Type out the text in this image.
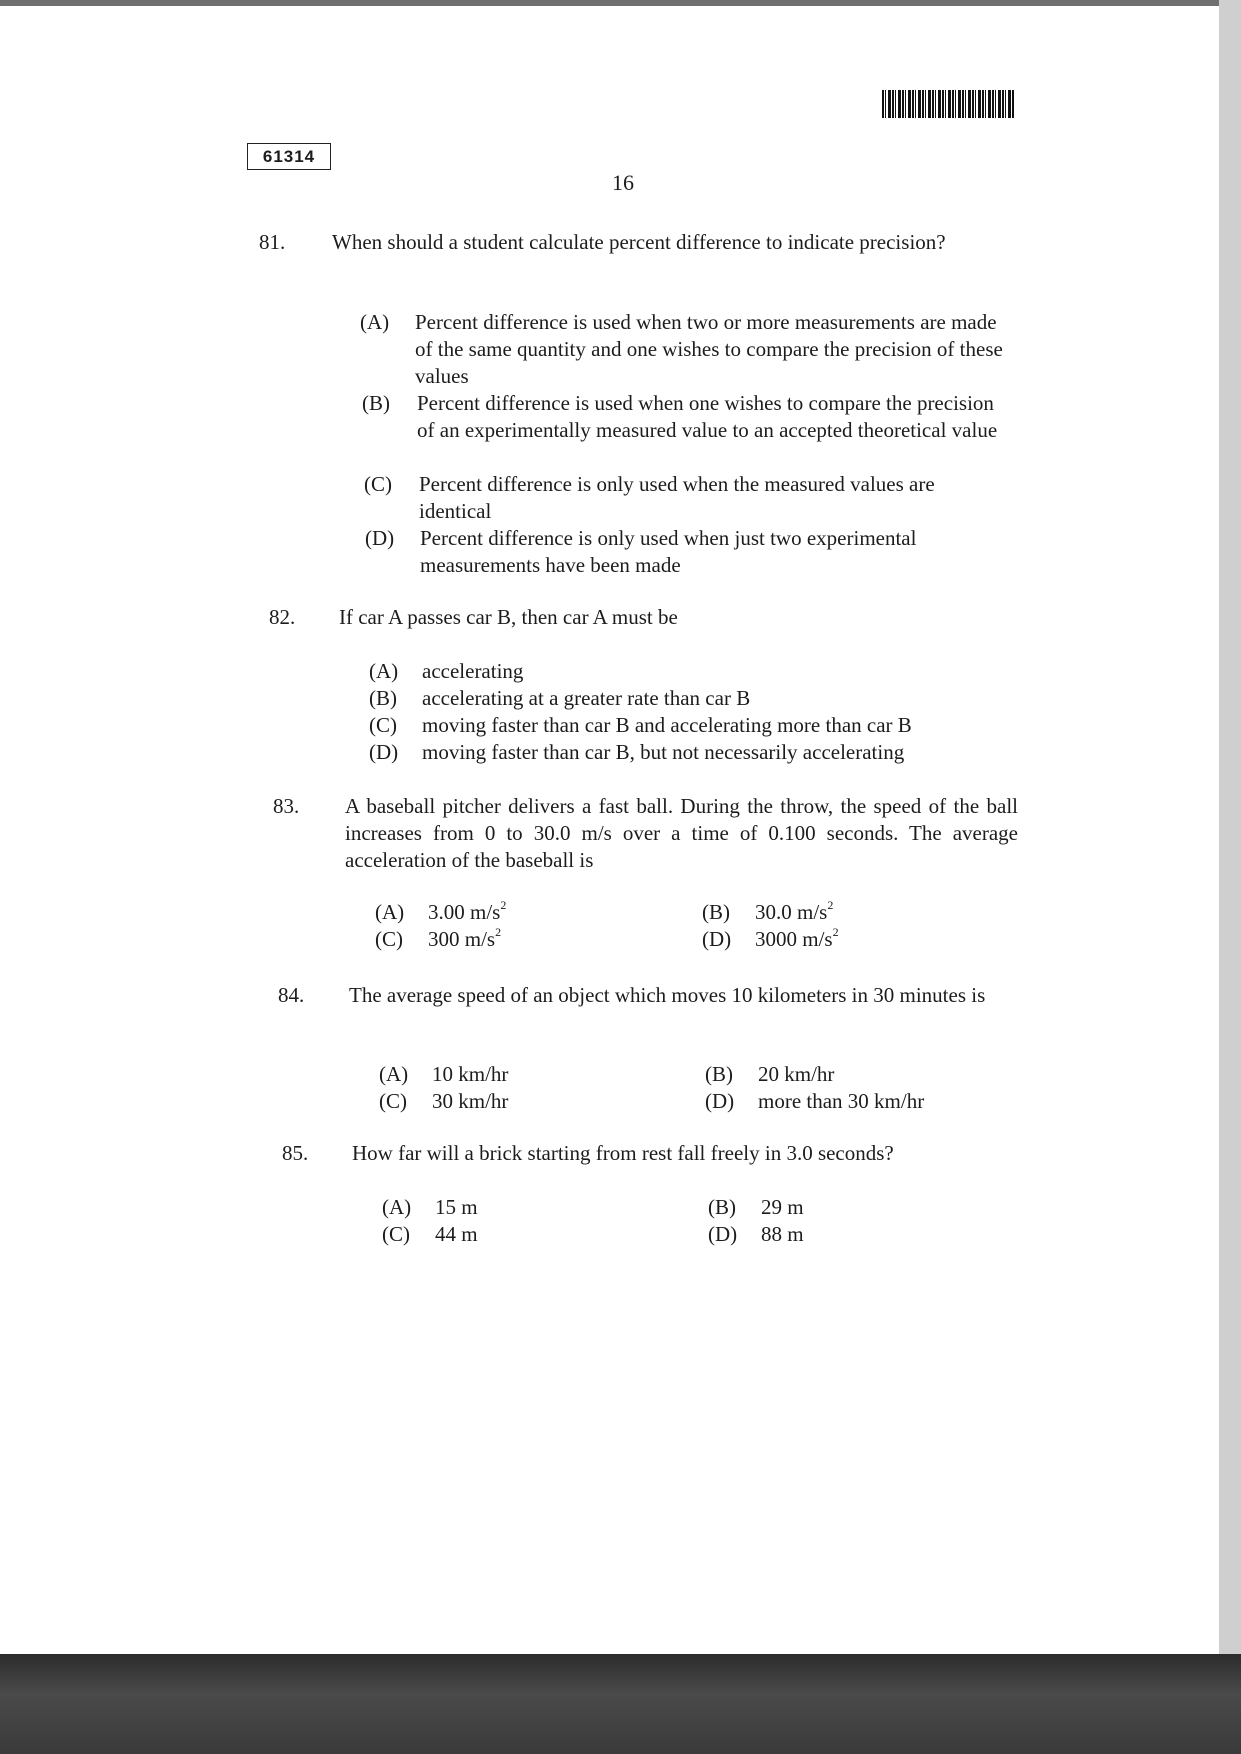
61314
16
81. When should a student calculate percent difference to indicate precision?
(A) Percent difference is used when two or more measurements are made of the same quantity and one wishes to compare the precision of these values
(B) Percent difference is used when one wishes to compare the precision of an experimentally measured value to an accepted theoretical value
(C) Percent difference is only used when the measured values are identical
(D) Percent difference is only used when just two experimental measurements have been made
82. If car A passes car B, then car A must be
(A) accelerating
(B) accelerating at a greater rate than car B
(C) moving faster than car B and accelerating more than car B
(D) moving faster than car B, but not necessarily accelerating
83. A baseball pitcher delivers a fast ball. During the throw, the speed of the ball increases from 0 to 30.0 m/s over a time of 0.100 seconds. The average acceleration of the baseball is
(A) 3.00 $m/s^2$	(B) 30.0 $m/s^2$
(C) 300 $m/s^2$	(D) 3000 $m/s^2$
84. The average speed of an object which moves 10 kilometers in 30 minutes is
(A) 10 km/hr	(B) 20 km/hr
(C) 30 km/hr	(D) more than 30 km/hr
85. How far will a brick starting from rest fall freely in 3.0 seconds?
(A) 15 m	(B) 29 m
(C) 44 m	(D) 88 m
